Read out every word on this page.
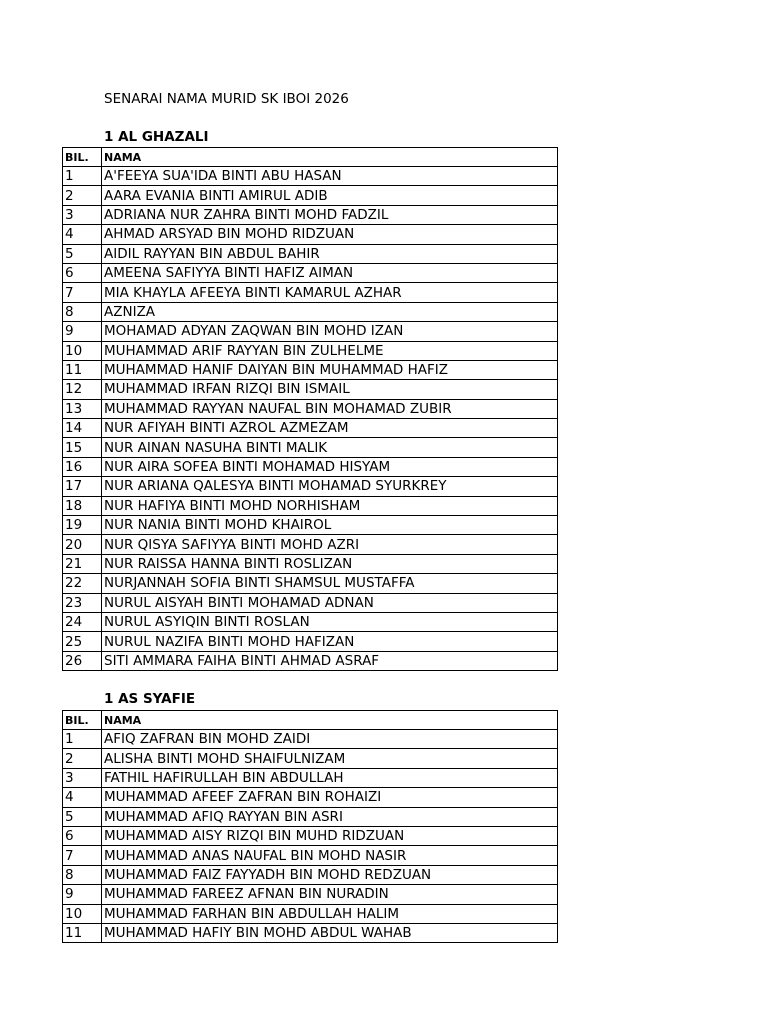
SENARAI NAMA MURID SK IBOI 2026
1 AL GHAZALI
BIL.	NAMA
1	A'FEEYA SUA'IDA BINTI ABU HASAN
2	AARA EVANIA BINTI AMIRUL ADIB
3	ADRIANA NUR ZAHRA BINTI MOHD FADZIL
4	AHMAD ARSYAD BIN MOHD RIDZUAN
5	AIDIL RAYYAN BIN ABDUL BAHIR
6	AMEENA SAFIYYA BINTI HAFIZ AIMAN
7	MIA KHAYLA AFEEYA BINTI KAMARUL AZHAR
8	AZNIZA
9	MOHAMAD ADYAN ZAQWAN BIN MOHD IZAN
10	MUHAMMAD ARIF RAYYAN BIN ZULHELME
11	MUHAMMAD HANIF DAIYAN BIN MUHAMMAD HAFIZ
12	MUHAMMAD IRFAN RIZQI BIN ISMAIL
13	MUHAMMAD RAYYAN NAUFAL BIN MOHAMAD ZUBIR
14	NUR AFIYAH BINTI AZROL AZMEZAM
15	NUR AINAN NASUHA BINTI MALIK
16	NUR AIRA SOFEA BINTI MOHAMAD HISYAM
17	NUR ARIANA QALESYA BINTI MOHAMAD SYURKREY
18	NUR HAFIYA BINTI MOHD NORHISHAM
19	NUR NANIA BINTI MOHD KHAIROL
20	NUR QISYA SAFIYYA BINTI MOHD AZRI
21	NUR RAISSA HANNA BINTI ROSLIZAN
22	NURJANNAH SOFIA BINTI SHAMSUL MUSTAFFA
23	NURUL AISYAH BINTI MOHAMAD ADNAN
24	NURUL ASYIQIN BINTI ROSLAN
25	NURUL NAZIFA BINTI MOHD HAFIZAN
26	SITI AMMARA FAIHA BINTI AHMAD ASRAF
1 AS SYAFIE
BIL.	NAMA
1	AFIQ ZAFRAN BIN MOHD ZAIDI
2	ALISHA BINTI MOHD SHAIFULNIZAM
3	FATHIL HAFIRULLAH BIN ABDULLAH
4	MUHAMMAD AFEEF ZAFRAN BIN ROHAIZI
5	MUHAMMAD AFIQ RAYYAN BIN ASRI
6	MUHAMMAD AISY RIZQI BIN MUHD RIDZUAN
7	MUHAMMAD ANAS NAUFAL BIN MOHD NASIR
8	MUHAMMAD FAIZ FAYYADH BIN MOHD REDZUAN
9	MUHAMMAD FAREEZ AFNAN BIN NURADIN
10	MUHAMMAD FARHAN BIN ABDULLAH HALIM
11	MUHAMMAD HAFIY BIN MOHD ABDUL WAHAB
